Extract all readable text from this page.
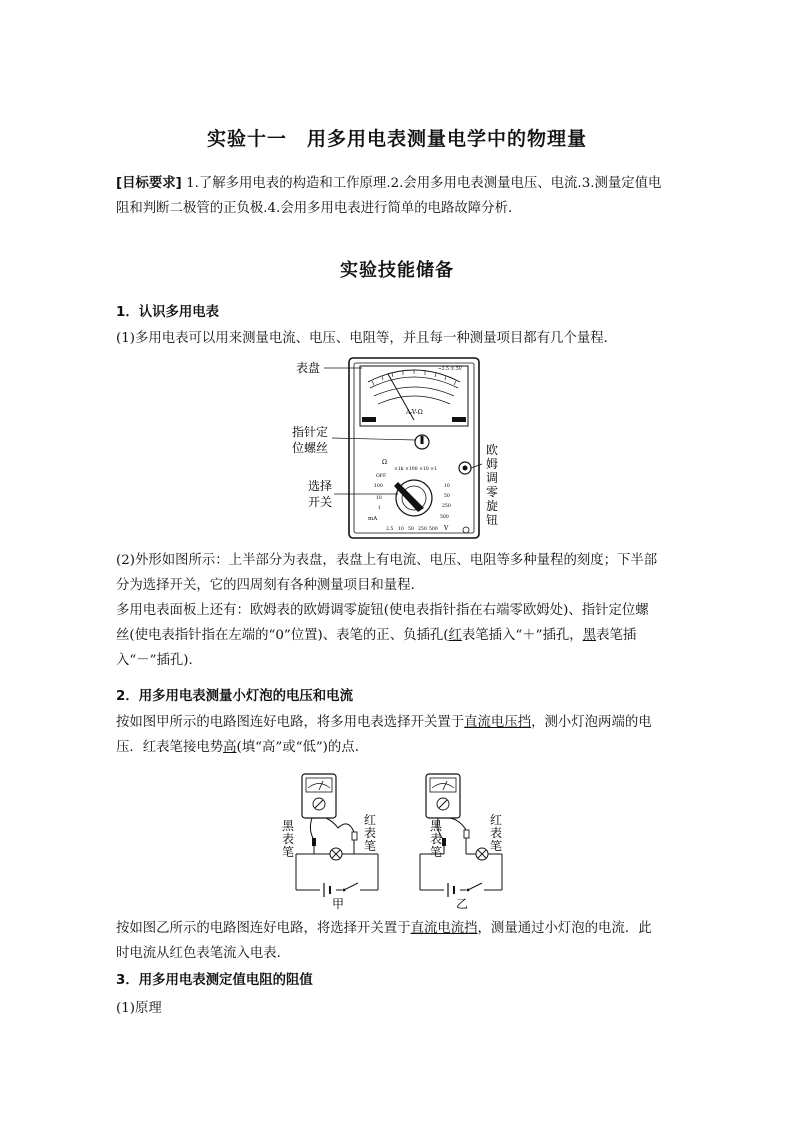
实验十一　用多用电表测量电学中的物理量

[目标要求] 1.了解多用电表的构造和工作原理.2.会用多用电表测量电压、电流.3.测量定值电
阻和判断二极管的正负极.4.会用多用电表进行简单的电路故障分析．

实验技能储备

1．认识多用电表

(1)多用电表可以用来测量电流、电压、电阻等，并且每一种测量项目都有几个量程．

A-V-Ω
~2.5 ②.5V
Ω
×1k ×100 ×10 ×1
OFF
100
10
1
mA
10
50
250
500
2.5 10 50 250 500 V
表盘
指针定
位螺丝
选择
开关
欧
姆
调
零
旋
钮

(2)外形如图所示：上半部分为表盘，表盘上有电流、电压、电阻等多种量程的刻度；下半部
分为选择开关，它的四周刻有各种测量项目和量程．

多用电表面板上还有：欧姆表的欧姆调零旋钮(使电表指针指在右端零欧姆处)、指针定位螺
丝(使电表指针指在左端的“0”位置)、表笔的正、负插孔(红表笔插入“＋”插孔，黑表笔插
入“－”插孔)．

2．用多用电表测量小灯泡的电压和电流

按如图甲所示的电路图连好电路，将多用电表选择开关置于直流电压挡，测小灯泡两端的电
压．红表笔接电势高(填“高”或“低”)的点．

黑
表
笔
红
表
笔
甲
黑
表
笔
红
表
笔
乙

按如图乙所示的电路图连好电路，将选择开关置于直流电流挡，测量通过小灯泡的电流．此
时电流从红色表笔流入电表．

3．用多用电表测定值电阻的阻值

(1)原理
